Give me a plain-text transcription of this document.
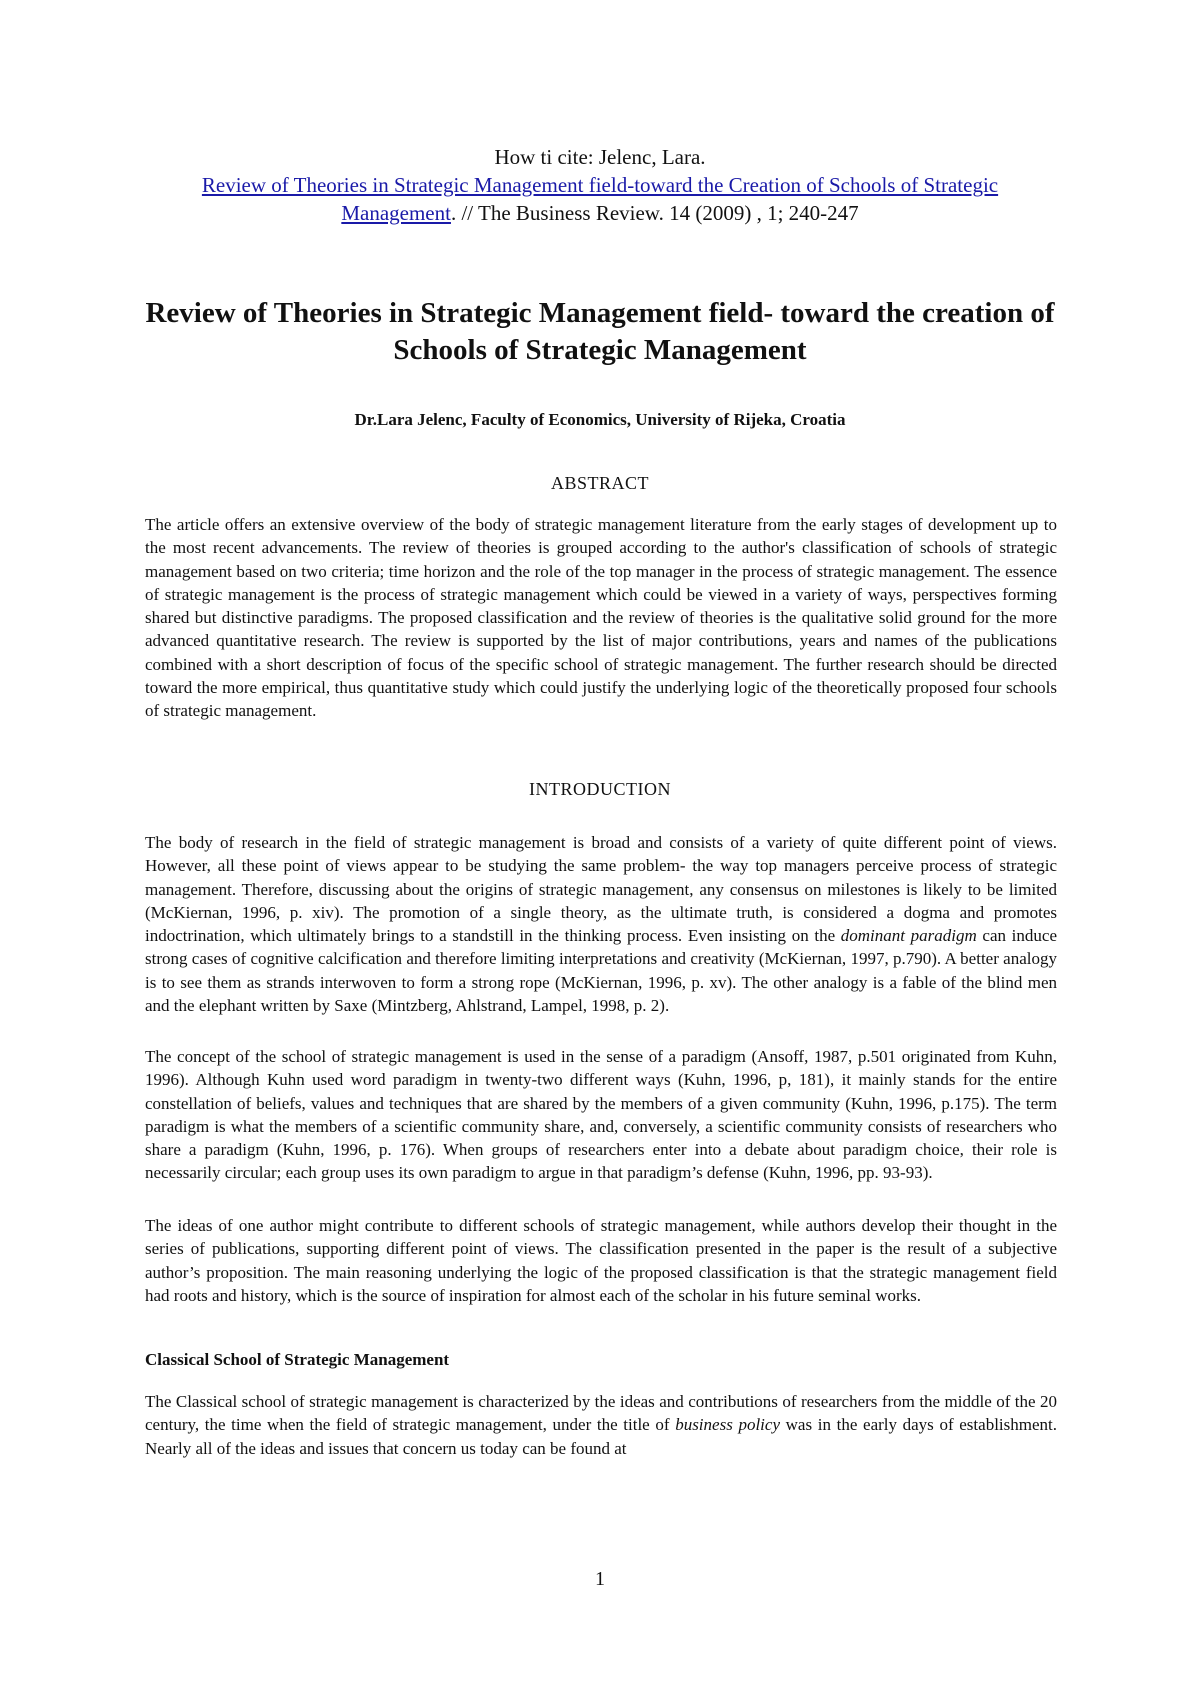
How ti cite: Jelenc, Lara.
Review of Theories in Strategic Management field-toward the Creation of Schools of Strategic Management. // The Business Review. 14 (2009) , 1; 240-247
Review of Theories in Strategic Management field- toward the creation of Schools of Strategic Management
Dr.Lara Jelenc, Faculty of Economics, University of Rijeka, Croatia
ABSTRACT

The article offers an extensive overview of the body of strategic management literature from the early stages of development up to the most recent advancements. The review of theories is grouped according to the author's classification of schools of strategic management based on two criteria; time horizon and the role of the top manager in the process of strategic management. The essence of strategic management is the process of strategic management which could be viewed in a variety of ways, perspectives forming shared but distinctive paradigms. The proposed classification and the review of theories is the qualitative solid ground for the more advanced quantitative research. The review is supported by the list of major contributions, years and names of the publications combined with a short description of focus of the specific school of strategic management. The further research should be directed toward the more empirical, thus quantitative study which could justify the underlying logic of the theoretically proposed four schools of strategic management.

INTRODUCTION

The body of research in the field of strategic management is broad and consists of a variety of quite different point of views. However, all these point of views appear to be studying the same problem- the way top managers perceive process of strategic management. Therefore, discussing about the origins of strategic management, any consensus on milestones is likely to be limited (McKiernan, 1996, p. xiv). The promotion of a single theory, as the ultimate truth, is considered a dogma and promotes indoctrination, which ultimately brings to a standstill in the thinking process. Even insisting on the dominant paradigm can induce strong cases of cognitive calcification and therefore limiting interpretations and creativity (McKiernan, 1997, p.790). A better analogy is to see them as strands interwoven to form a strong rope (McKiernan, 1996, p. xv). The other analogy is a fable of the blind men and the elephant written by Saxe (Mintzberg, Ahlstrand, Lampel, 1998, p. 2).

The concept of the school of strategic management is used in the sense of a paradigm (Ansoff, 1987, p.501 originated from Kuhn, 1996). Although Kuhn used word paradigm in twenty-two different ways (Kuhn, 1996, p, 181), it mainly stands for the entire constellation of beliefs, values and techniques that are shared by the members of a given community (Kuhn, 1996, p.175). The term paradigm is what the members of a scientific community share, and, conversely, a scientific community consists of researchers who share a paradigm (Kuhn, 1996, p. 176). When groups of researchers enter into a debate about paradigm choice, their role is necessarily circular; each group uses its own paradigm to argue in that paradigm’s defense (Kuhn, 1996, pp. 93-93).

The ideas of one author might contribute to different schools of strategic management, while authors develop their thought in the series of publications, supporting different point of views. The classification presented in the paper is the result of a subjective author’s proposition. The main reasoning underlying the logic of the proposed classification is that the strategic management field had roots and history, which is the source of inspiration for almost each of the scholar in his future seminal works.

Classical School of Strategic Management

The Classical school of strategic management is characterized by the ideas and contributions of researchers from the middle of the 20 century, the time when the field of strategic management, under the title of business policy was in the early days of establishment. Nearly all of the ideas and issues that concern us today can be found at

1
